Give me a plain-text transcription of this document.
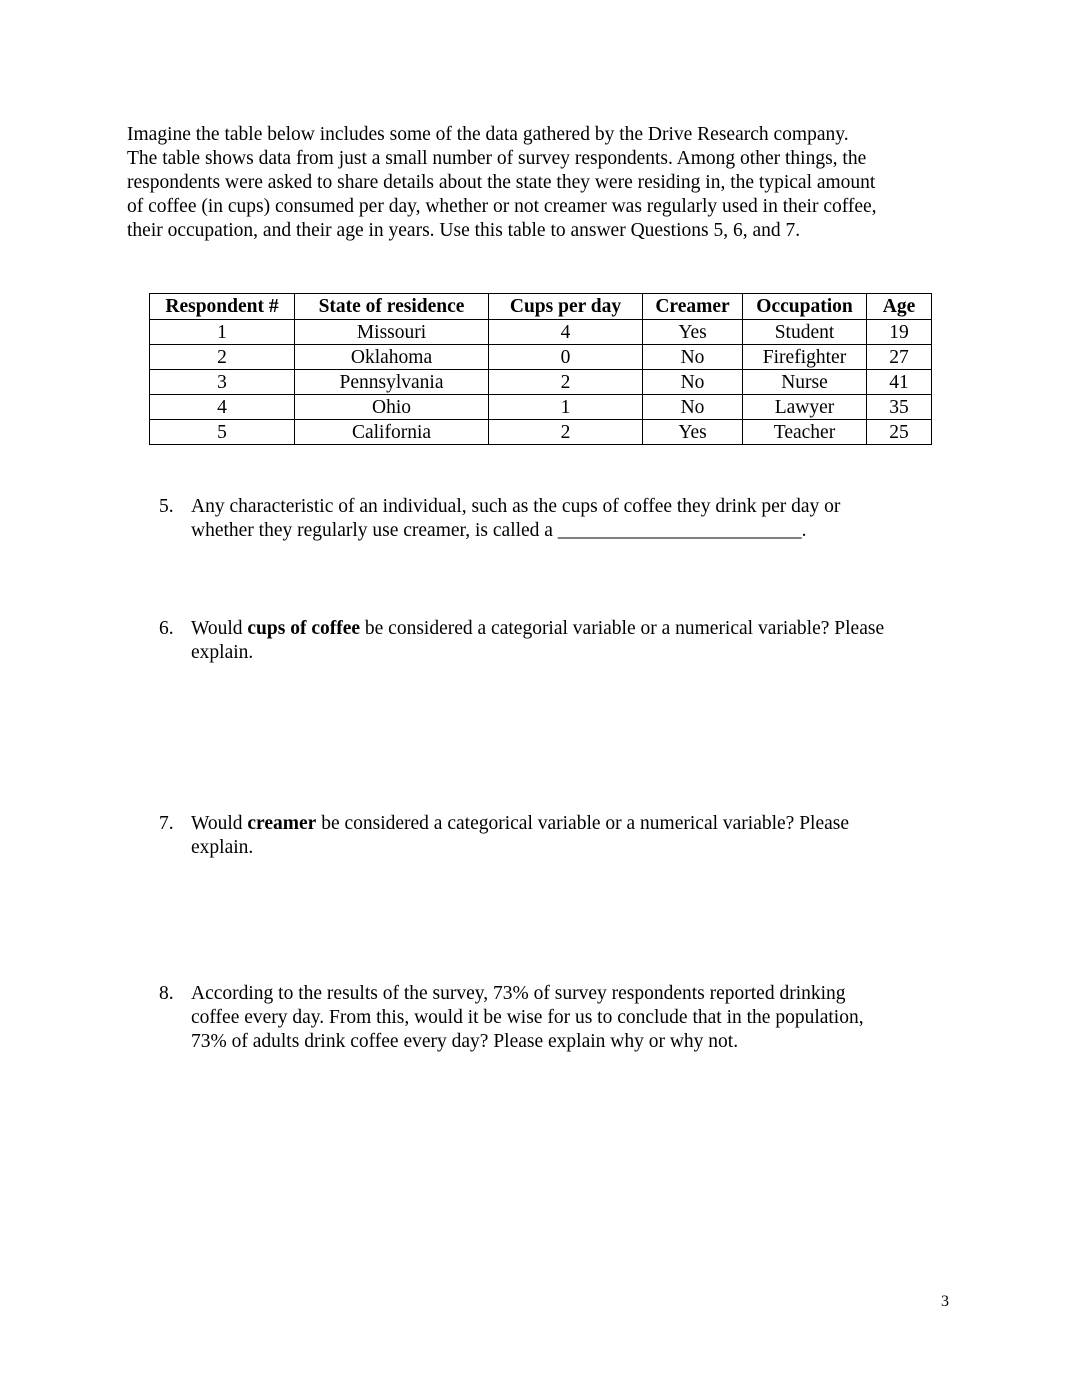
Imagine the table below includes some of the data gathered by the Drive Research company.
The table shows data from just a small number of survey respondents. Among other things, the
respondents were asked to share details about the state they were residing in, the typical amount
of coffee (in cups) consumed per day, whether or not creamer was regularly used in their coffee,
their occupation, and their age in years. Use this table to answer Questions 5, 6, and 7.

Respondent #	State of residence	Cups per day	Creamer	Occupation	Age
1	Missouri	4	Yes	Student	19
2	Oklahoma	0	No	Firefighter	27
3	Pennsylvania	2	No	Nurse	41
4	Ohio	1	No	Lawyer	35
5	California	2	Yes	Teacher	25
5. Any characteristic of an individual, such as the cups of coffee they drink per day or
whether they regularly use creamer, is called a _________________________.
6. Would cups of coffee be considered a categorial variable or a numerical variable? Please
explain.
7. Would creamer be considered a categorical variable or a numerical variable? Please
explain.
8. According to the results of the survey, 73% of survey respondents reported drinking
coffee every day. From this, would it be wise for us to conclude that in the population,
73% of adults drink coffee every day? Please explain why or why not.
3
